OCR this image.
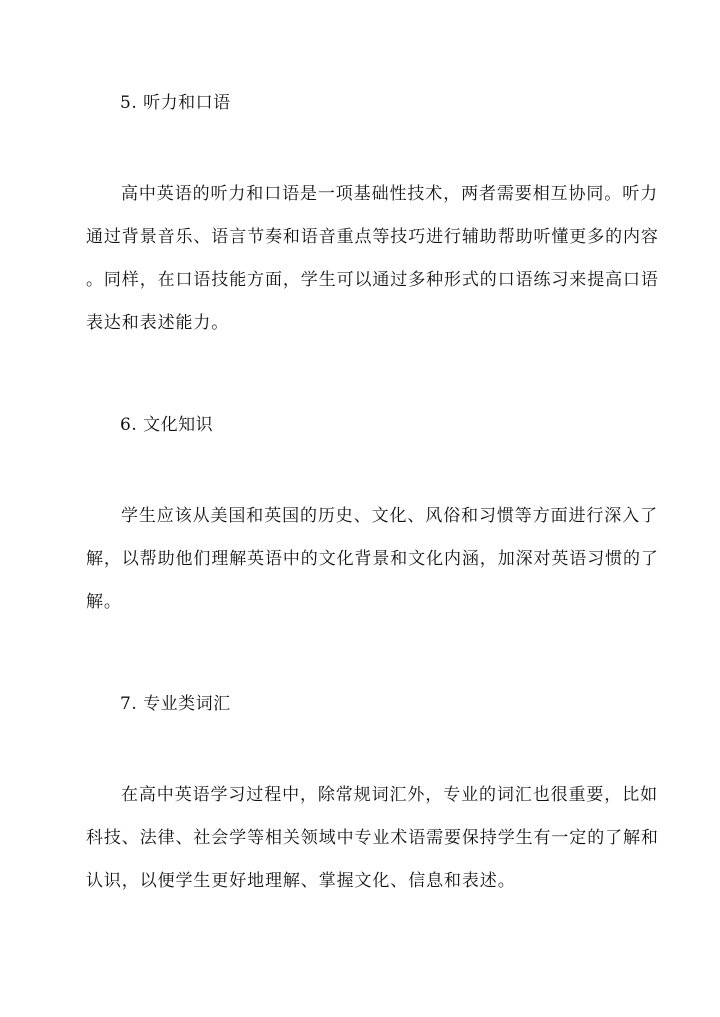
5. 听力和口语
高中英语的听力和口语是一项基础性技术，两者需要相互协同。听力
通过背景音乐、语言节奏和语音重点等技巧进行辅助帮助听懂更多的内容
。同样，在口语技能方面，学生可以通过多种形式的口语练习来提高口语
表达和表述能力。
6. 文化知识
学生应该从美国和英国的历史、文化、风俗和习惯等方面进行深入了
解，以帮助他们理解英语中的文化背景和文化内涵，加深对英语习惯的了
解。
7. 专业类词汇
在高中英语学习过程中，除常规词汇外，专业的词汇也很重要，比如
科技、法律、社会学等相关领域中专业术语需要保持学生有一定的了解和
认识，以便学生更好地理解、掌握文化、信息和表述。
